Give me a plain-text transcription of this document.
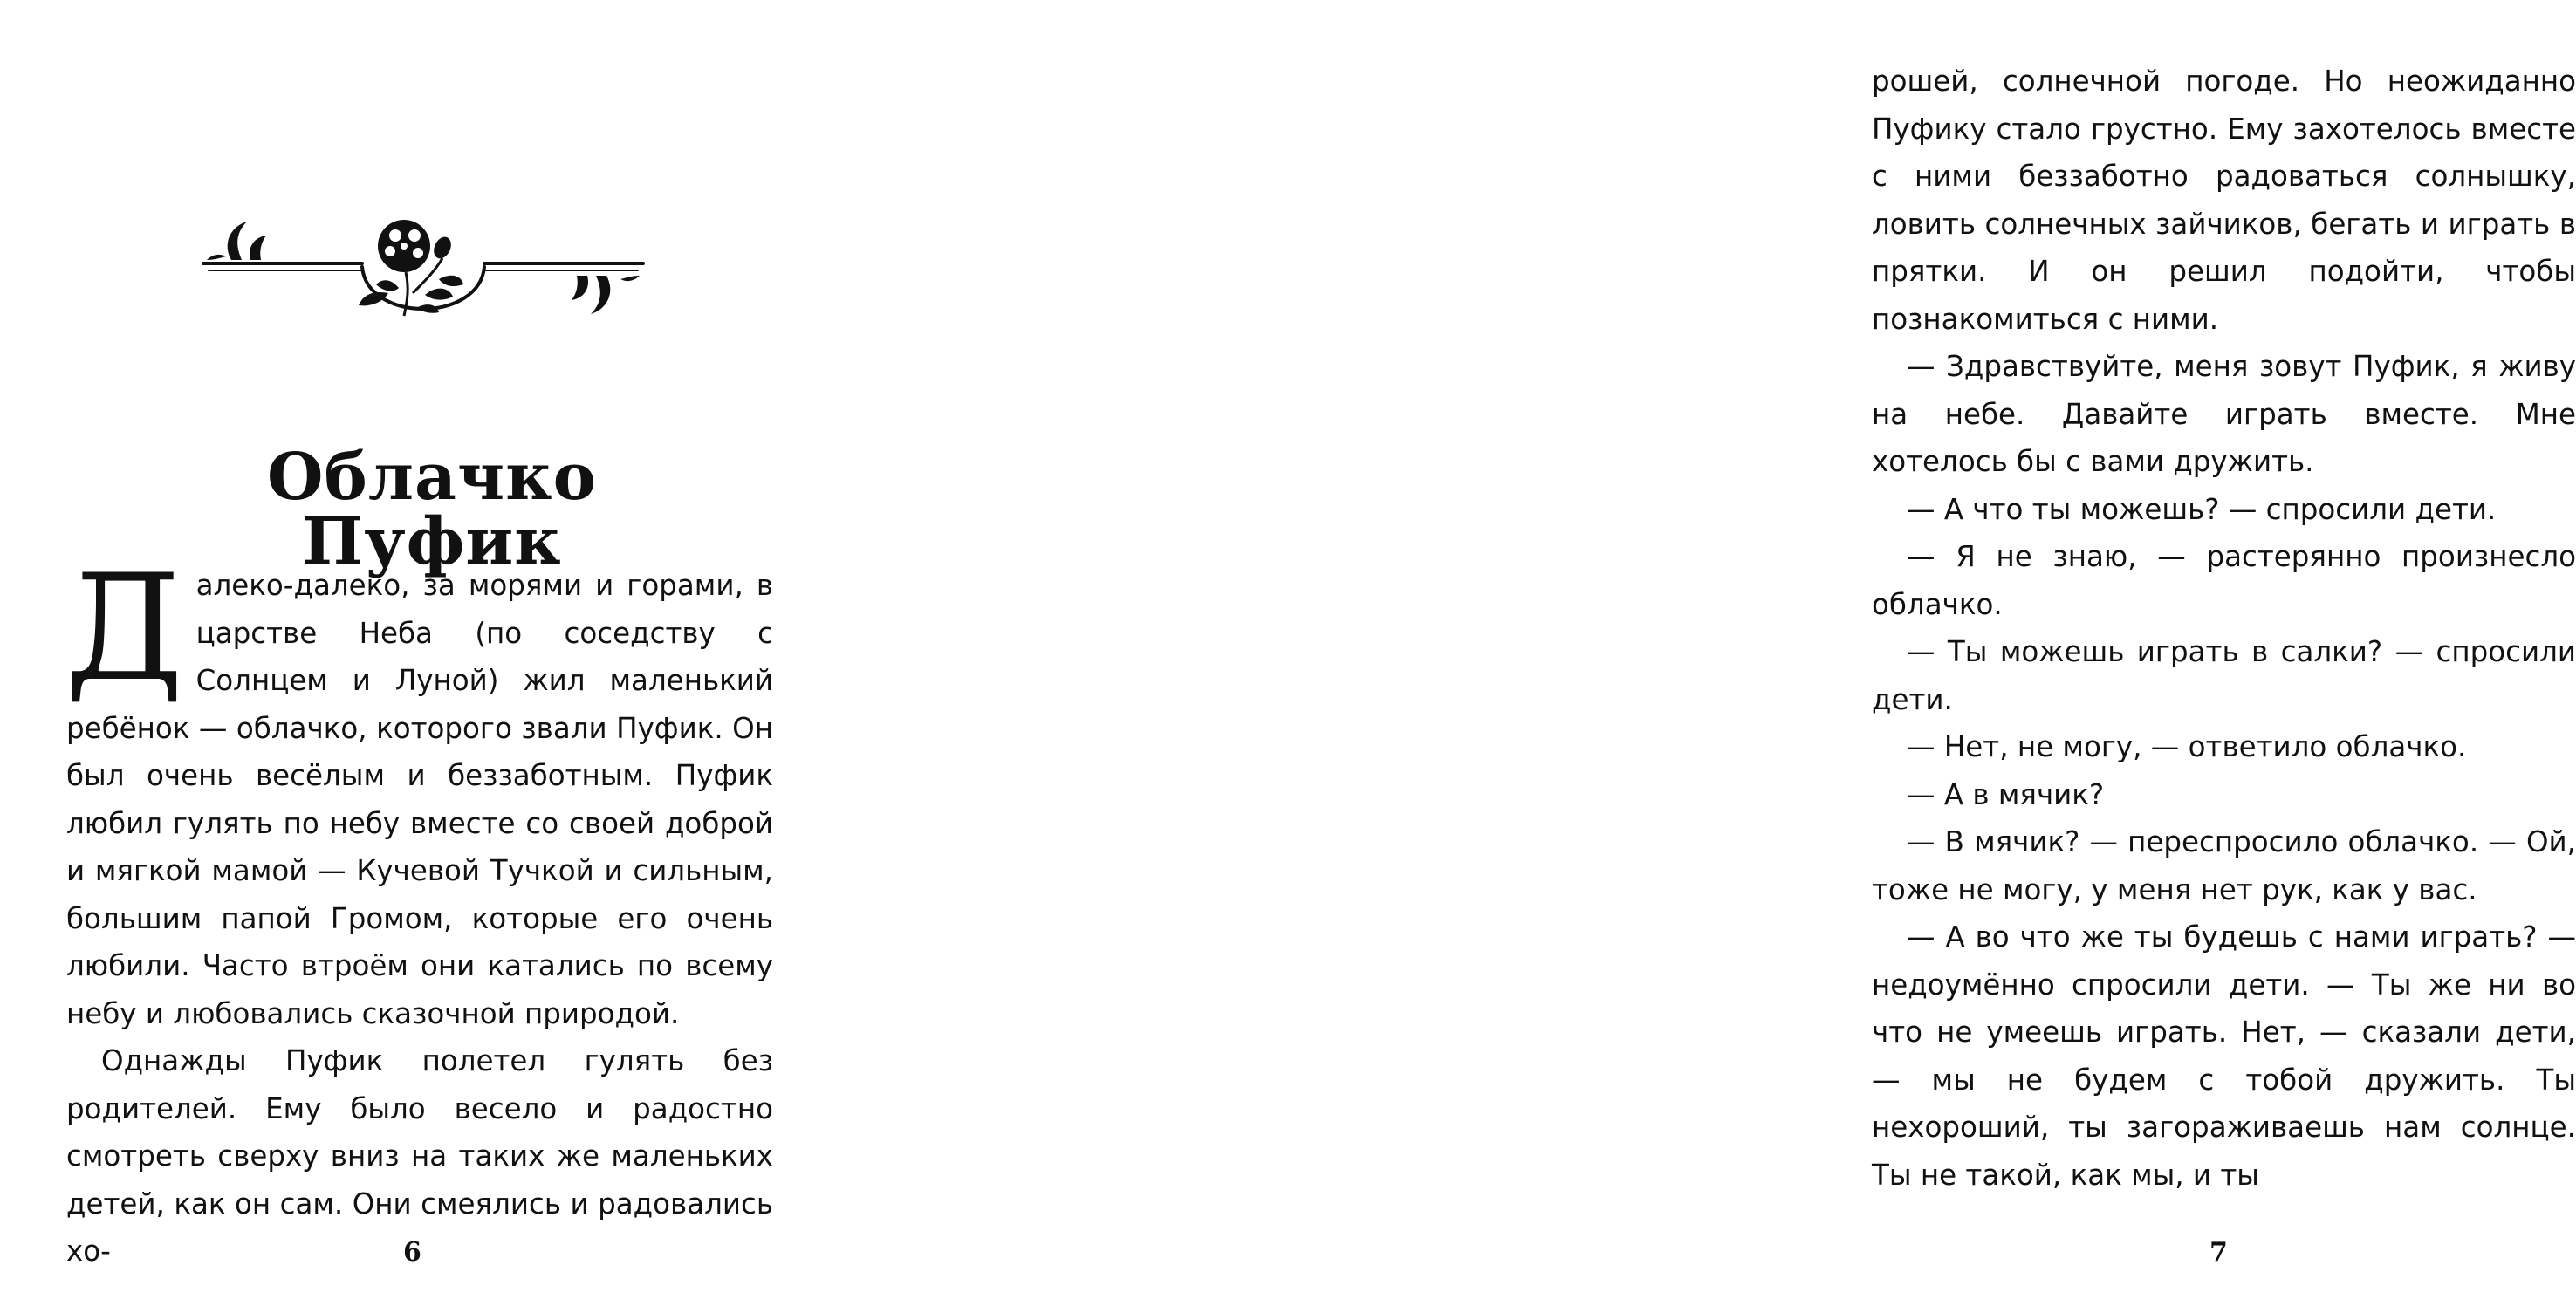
Облачко Пуфик

Д алеко-далеко, за морями и горами, в царстве Неба (по соседству с Солнцем и Луной) жил маленький ребёнок — облачко, которого звали Пуфик. Он был очень весёлым и беззаботным. Пуфик любил гулять по небу вместе со своей доброй и мягкой мамой — Кучевой Тучкой и сильным, большим папой Громом, которые его очень любили. Часто втроём они катались по всему небу и любовались сказочной природой.

Однажды Пуфик полетел гулять без родителей. Ему было весело и радостно смотреть сверху вниз на таких же маленьких детей, как он сам. Они смеялись и радовались хо-	6

рошей, солнечной погоде. Но неожиданно Пуфику стало грустно. Ему захотелось вместе с ними беззаботно радоваться солнышку, ловить солнечных зайчиков, бегать и играть в прятки. И он решил подойти, чтобы познакомиться с ними.

— Здравствуйте, меня зовут Пуфик, я живу на небе. Давайте играть вместе. Мне хотелось бы с вами дружить.

— А что ты можешь? — спросили дети.

— Я не знаю, — растерянно произнесло облачко.

— Ты можешь играть в салки? — спросили дети.

— Нет, не могу, — ответило облачко.

— А в мячик?

— В мячик? — переспросило облачко. — Ой, тоже не могу, у меня нет рук, как у вас.

— А во что же ты будешь с нами играть? — недоумённо спросили дети. — Ты же ни во что не умеешь играть. Нет, — сказали дети, — мы не будем с тобой дружить. Ты нехороший, ты загораживаешь нам солнце. Ты не такой, как мы, и ты

7
